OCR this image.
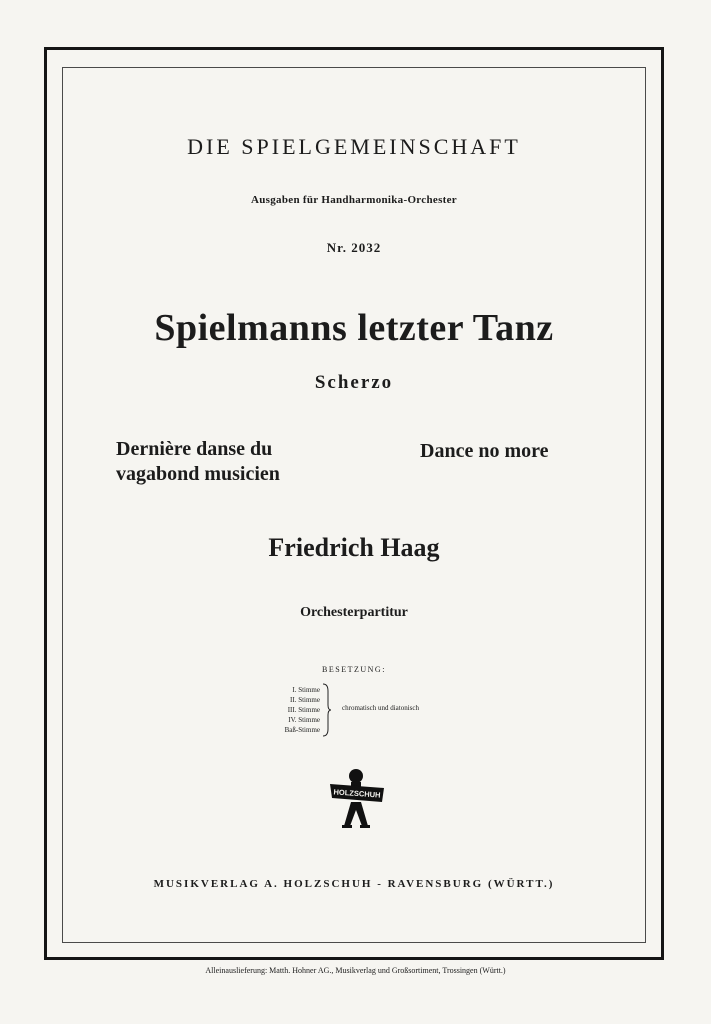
DIE SPIELGEMEINSCHAFT
Ausgaben für Handharmonika-Orchester
Nr. 2032
Spielmanns letzter Tanz
Scherzo
Dernière danse du
vagabond musicien
Dance no more
Friedrich Haag
Orchesterpartitur
BESETZUNG:
I. Stimme
II. Stimme
III. Stimme
IV. Stimme
Baß-Stimme
chromatisch und diatonisch
HOLZSCHUH
MUSIKVERLAG A. HOLZSCHUH - RAVENSBURG (WÜRTT.)
Alleinauslieferung: Matth. Hohner AG., Musikverlag und Großsortiment, Trossingen (Württ.)
